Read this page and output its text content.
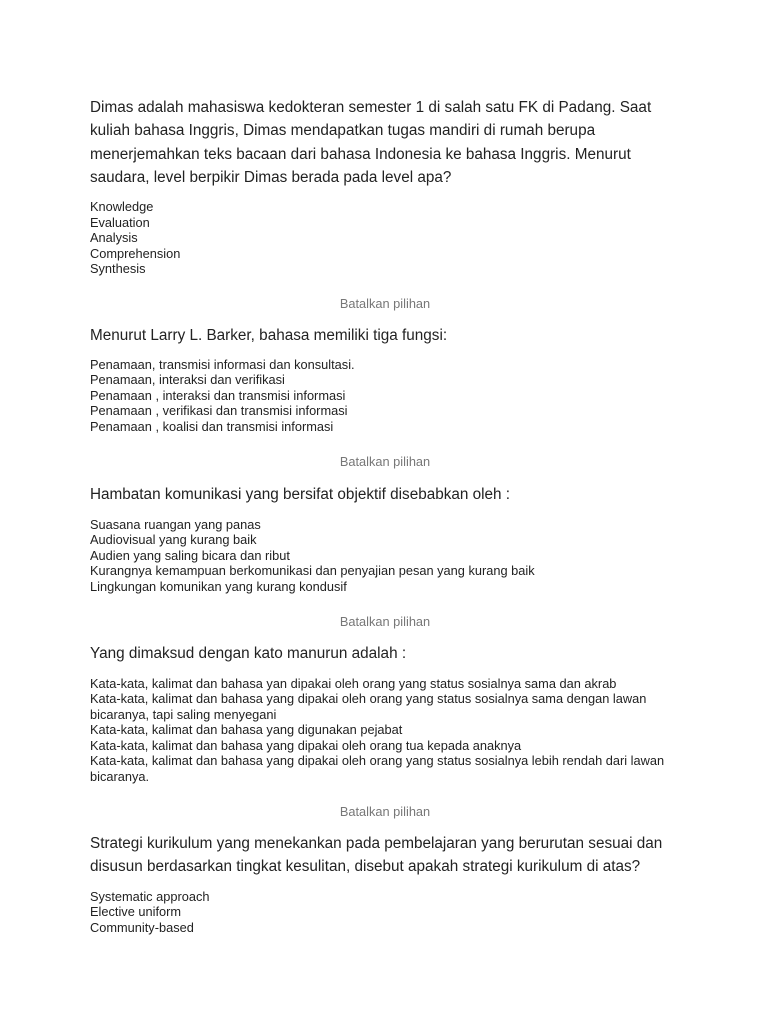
Dimas adalah mahasiswa kedokteran semester 1 di salah satu FK di Padang. Saat kuliah bahasa Inggris, Dimas mendapatkan tugas mandiri di rumah berupa menerjemahkan teks bacaan dari bahasa Indonesia ke bahasa Inggris. Menurut saudara, level berpikir Dimas berada pada level apa?

Knowledge
Evaluation
Analysis
Comprehension
Synthesis
Batalkan pilihan

Menurut Larry L. Barker, bahasa memiliki tiga fungsi:

Penamaan, transmisi informasi dan konsultasi.
Penamaan, interaksi dan verifikasi
Penamaan , interaksi dan transmisi informasi
Penamaan , verifikasi dan transmisi informasi
Penamaan , koalisi dan transmisi informasi
Batalkan pilihan

Hambatan komunikasi yang bersifat objektif disebabkan oleh :

Suasana ruangan yang panas
Audiovisual yang kurang baik
Audien yang saling bicara dan ribut
Kurangnya kemampuan berkomunikasi dan penyajian pesan yang kurang baik
Lingkungan komunikan yang kurang kondusif
Batalkan pilihan

Yang dimaksud dengan kato manurun adalah :

Kata-kata, kalimat dan bahasa yan dipakai oleh orang yang status sosialnya sama dan akrab
Kata-kata, kalimat dan bahasa yang dipakai oleh orang yang status sosialnya sama dengan lawan bicaranya, tapi saling menyegani
Kata-kata, kalimat dan bahasa yang digunakan pejabat
Kata-kata, kalimat dan bahasa yang dipakai oleh orang tua kepada anaknya
Kata-kata, kalimat dan bahasa yang dipakai oleh orang yang status sosialnya lebih rendah dari lawan bicaranya.
Batalkan pilihan

Strategi kurikulum yang menekankan pada pembelajaran yang berurutan sesuai dan disusun berdasarkan tingkat kesulitan, disebut apakah strategi kurikulum di atas?

Systematic approach
Elective uniform
Community-based
